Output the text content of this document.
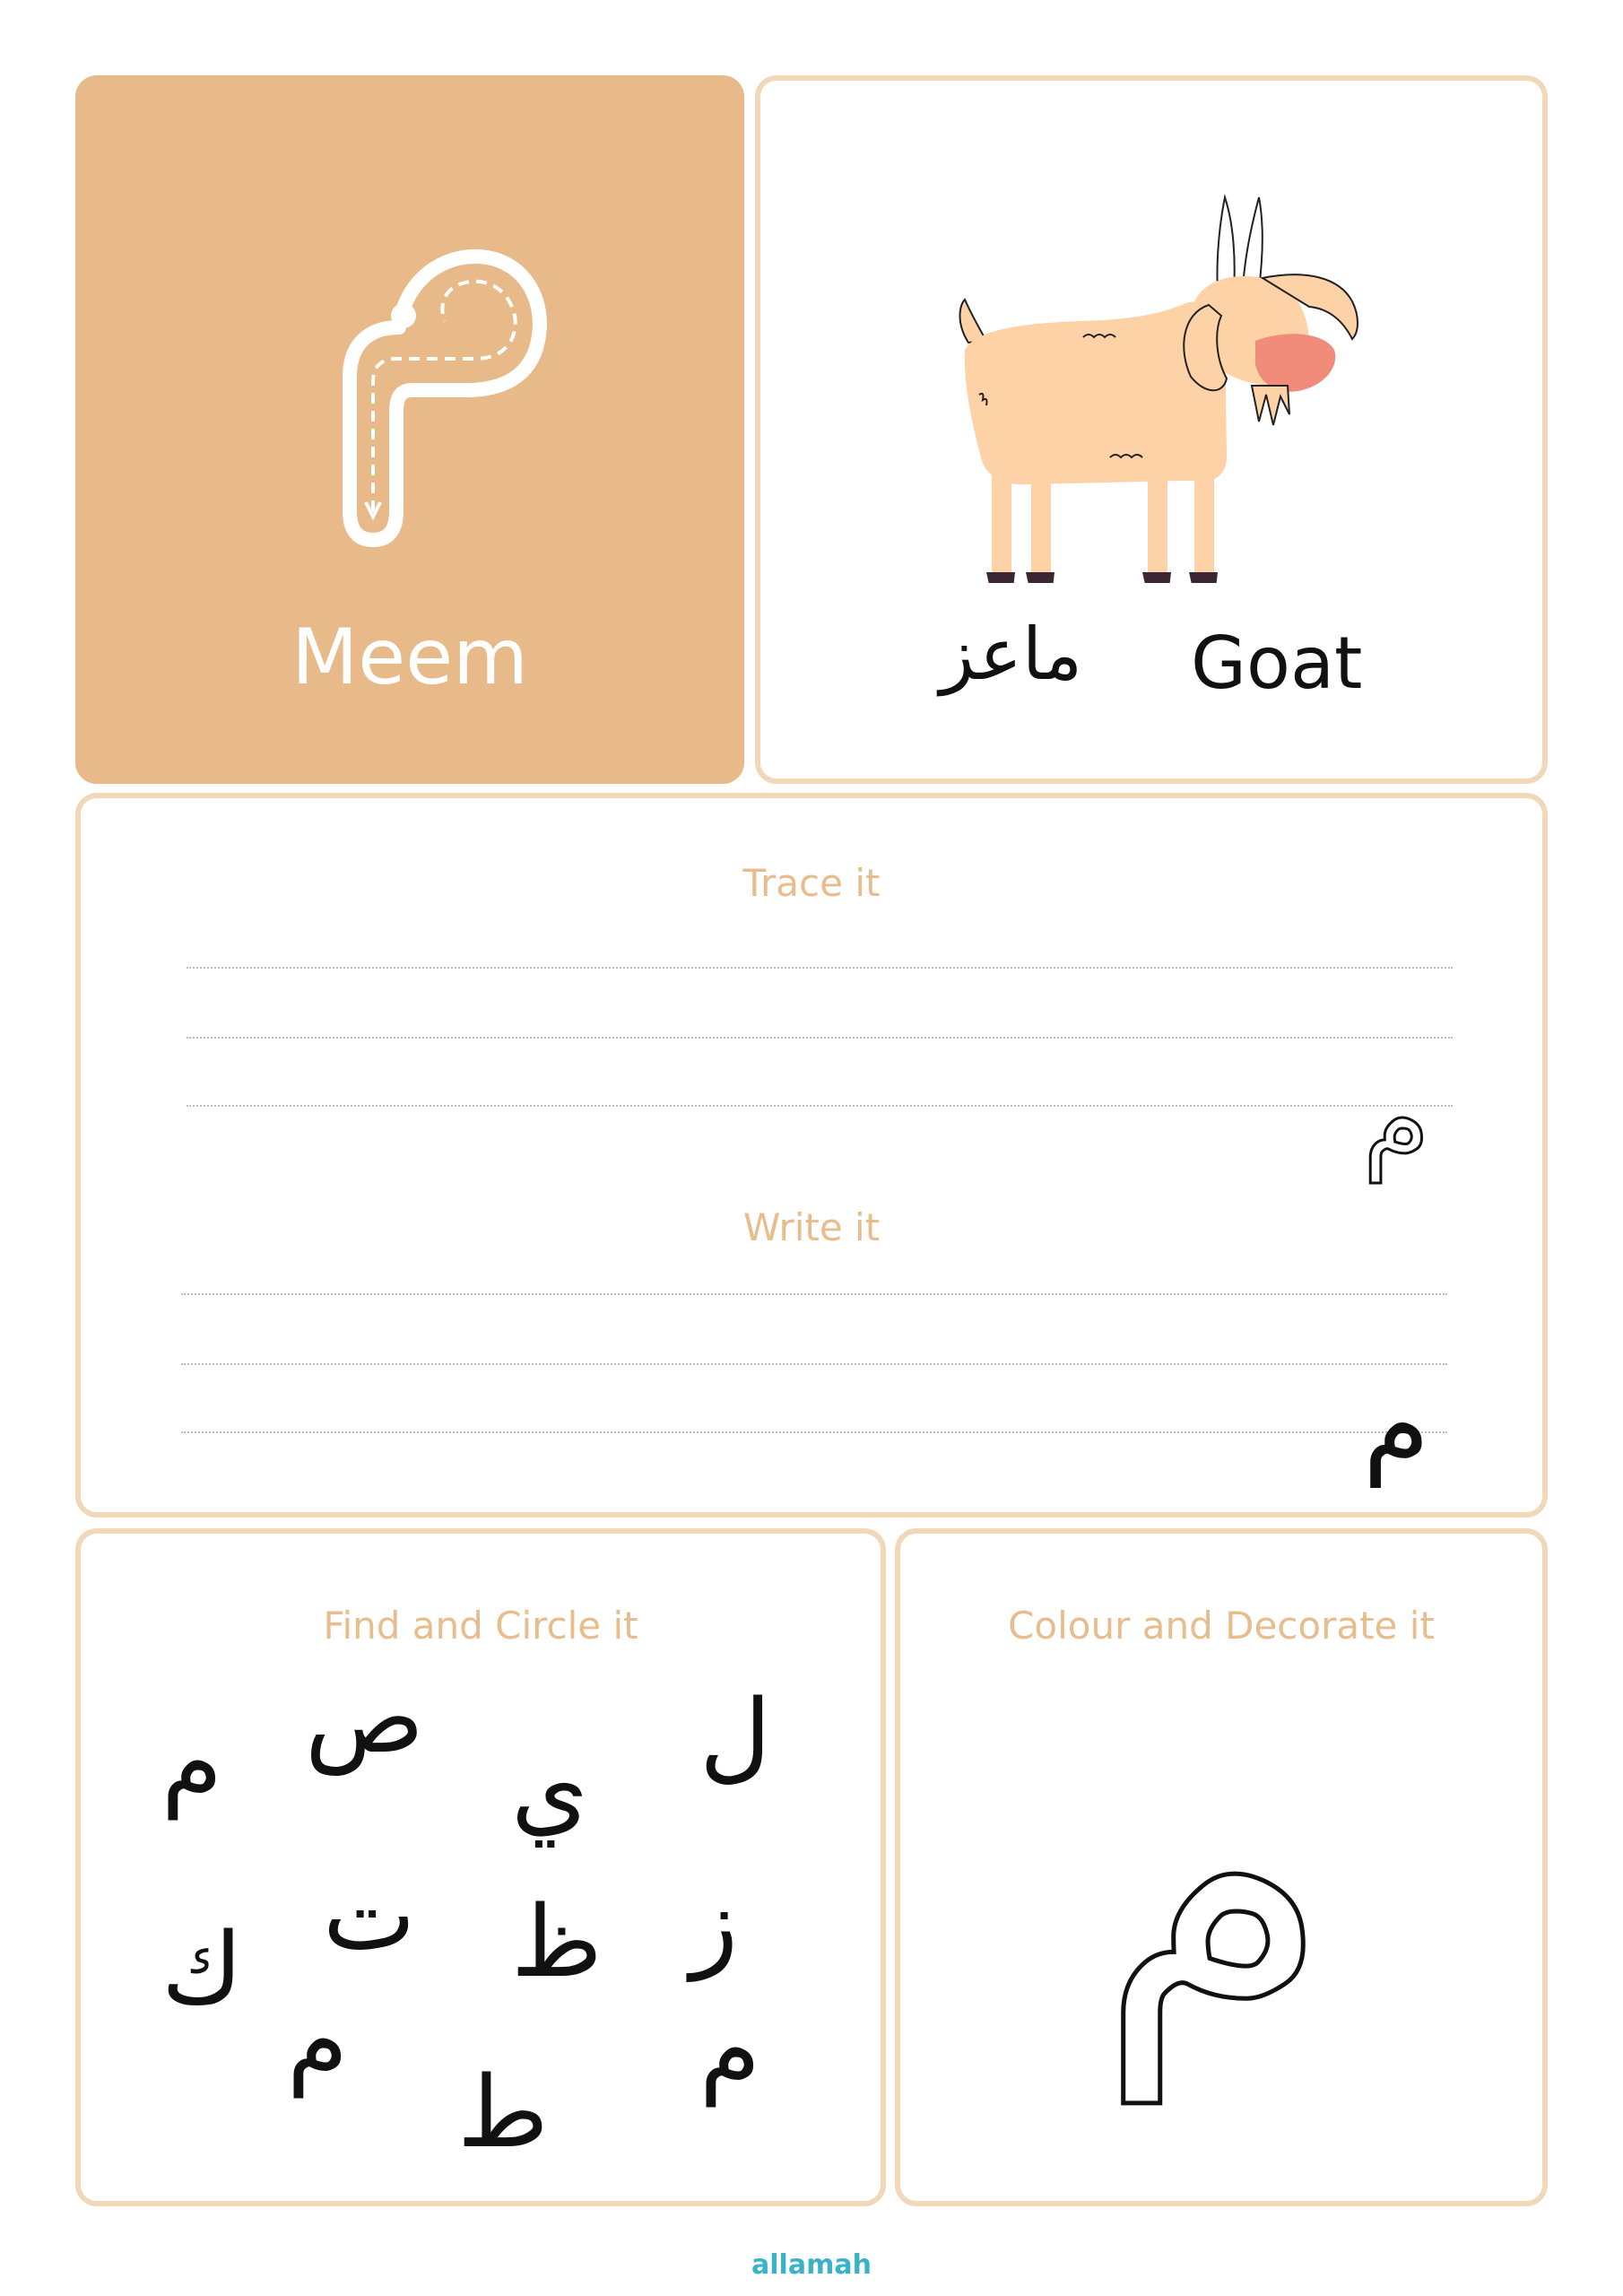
Meem	ماعز Goat
Trace it
م
Write it
م
Find and Circle it
م ص
ي ل
ت	ز
ك	ظ
م	م
ط
Colour and Decorate it
م
allamah
